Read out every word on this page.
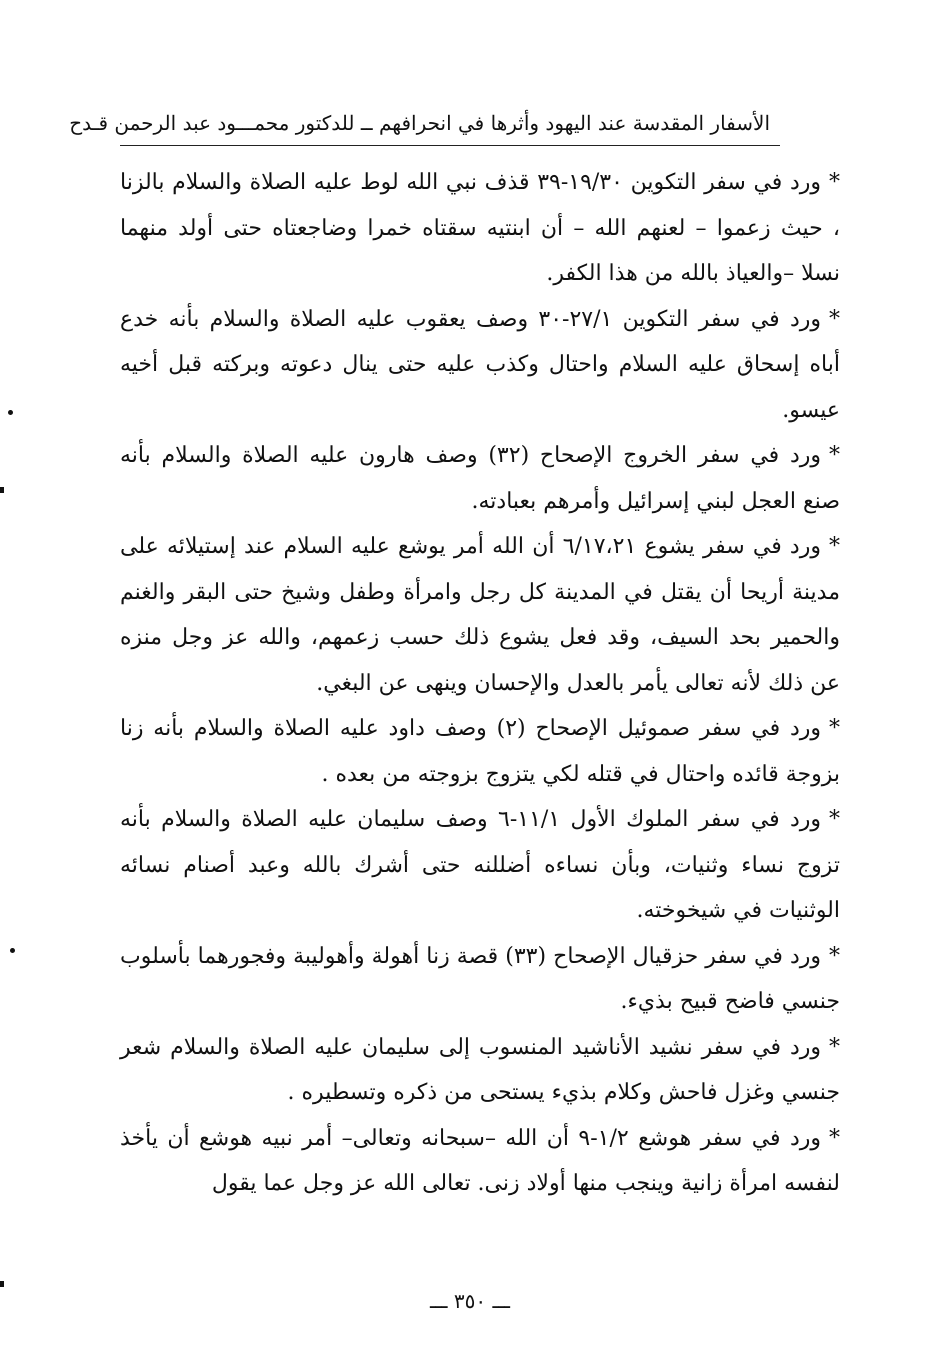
الأسفار المقدسة عند اليهود وأثرها في انحرافهم ــ للدكتور محمـــود عبد الرحمن قـدح

*ورد في سفر التكوين ١٩/٣٠-٣٩ قذف نبي الله لوط عليه الصلاة والسلام بالزنا ، حيث زعموا – لعنهم الله – أن ابنتيه سقتاه خمرا وضاجعتاه حتى أولد منهما نسلا –والعياذ بالله من هذا الكفر.

*ورد في سفر التكوين ٢٧/١-٣٠ وصف يعقوب عليه الصلاة والسلام بأنه خدع أباه إسحاق عليه السلام واحتال وكذب عليه حتى ينال دعوته وبركته قبل أخيه عيسو.

*ورد في سفر الخروج الإصحاح (٣٢) وصف هارون عليه الصلاة والسلام بأنه صنع العجل لبني إسرائيل وأمرهم بعبادته.

*ورد في سفر يشوع ٦/١٧،٢١ أن الله أمر يوشع عليه السلام عند إستيلائه على مدينة أريحا أن يقتل في المدينة كل رجل وامرأة وطفل وشيخ حتى البقر والغنم والحمير بحد السيف، وقد فعل يشوع ذلك حسب زعمهم، والله عز وجل منزه عن ذلك لأنه تعالى يأمر بالعدل والإحسان وينهى عن البغي.

*ورد في سفر صموئيل الإصحاح (٢) وصف داود عليه الصلاة والسلام بأنه زنا بزوجة قائده واحتال في قتله لكي يتزوج بزوجته من بعده .

*ورد في سفر الملوك الأول ١١/١-٦ وصف سليمان عليه الصلاة والسلام بأنه تزوج نساء وثنيات، وبأن نساءه أضللنه حتى أشرك بالله وعبد أصنام نسائه الوثنيات في شيخوخته.

*ورد في سفر حزقيال الإصحاح (٣٣) قصة زنا أهولة وأهوليبة وفجورهما بأسلوب جنسي فاضح قبيح بذيء.

*ورد في سفر نشيد الأناشيد المنسوب إلى سليمان عليه الصلاة والسلام شعر جنسي وغزل فاحش وكلام بذيء يستحى من ذكره وتسطيره .

*ورد في سفر هوشع ١/٢-٩ أن الله –سبحانه وتعالى– أمر نبيه هوشع أن يأخذ لنفسه امرأة زانية وينجب منها أولاد زنى. تعالى الله عز وجل عما يقول

ـــ ٣٥٠ ـــ
